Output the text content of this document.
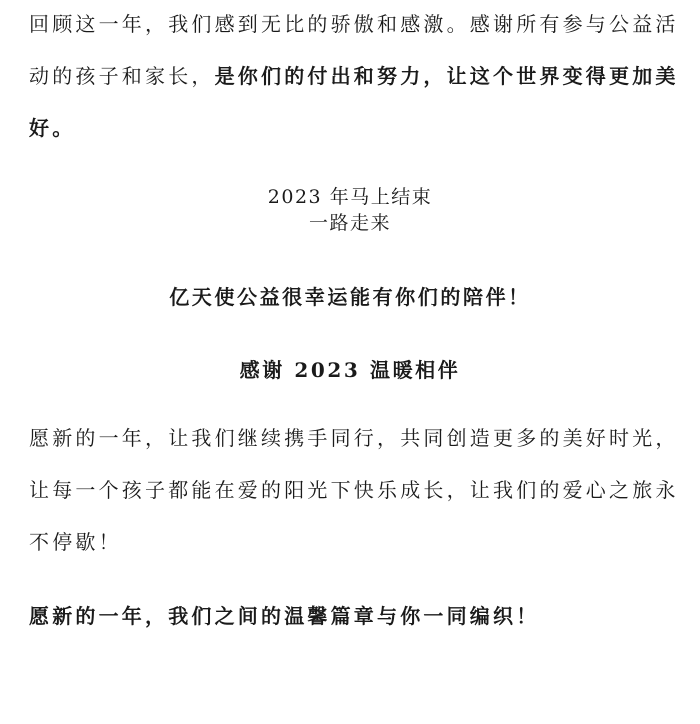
回顾这一年，我们感到无比的骄傲和感激。感谢所有参与公益活动的孩子和家长，是你们的付出和努力，让这个世界变得更加美好。

2023 年马上结束

一路走来

亿天使公益很幸运能有你们的陪伴！

感谢 2023 温暖相伴

愿新的一年，让我们继续携手同行，共同创造更多的美好时光，让每一个孩子都能在爱的阳光下快乐成长，让我们的爱心之旅永不停歇！

愿新的一年，我们之间的温馨篇章与你一同编织！
